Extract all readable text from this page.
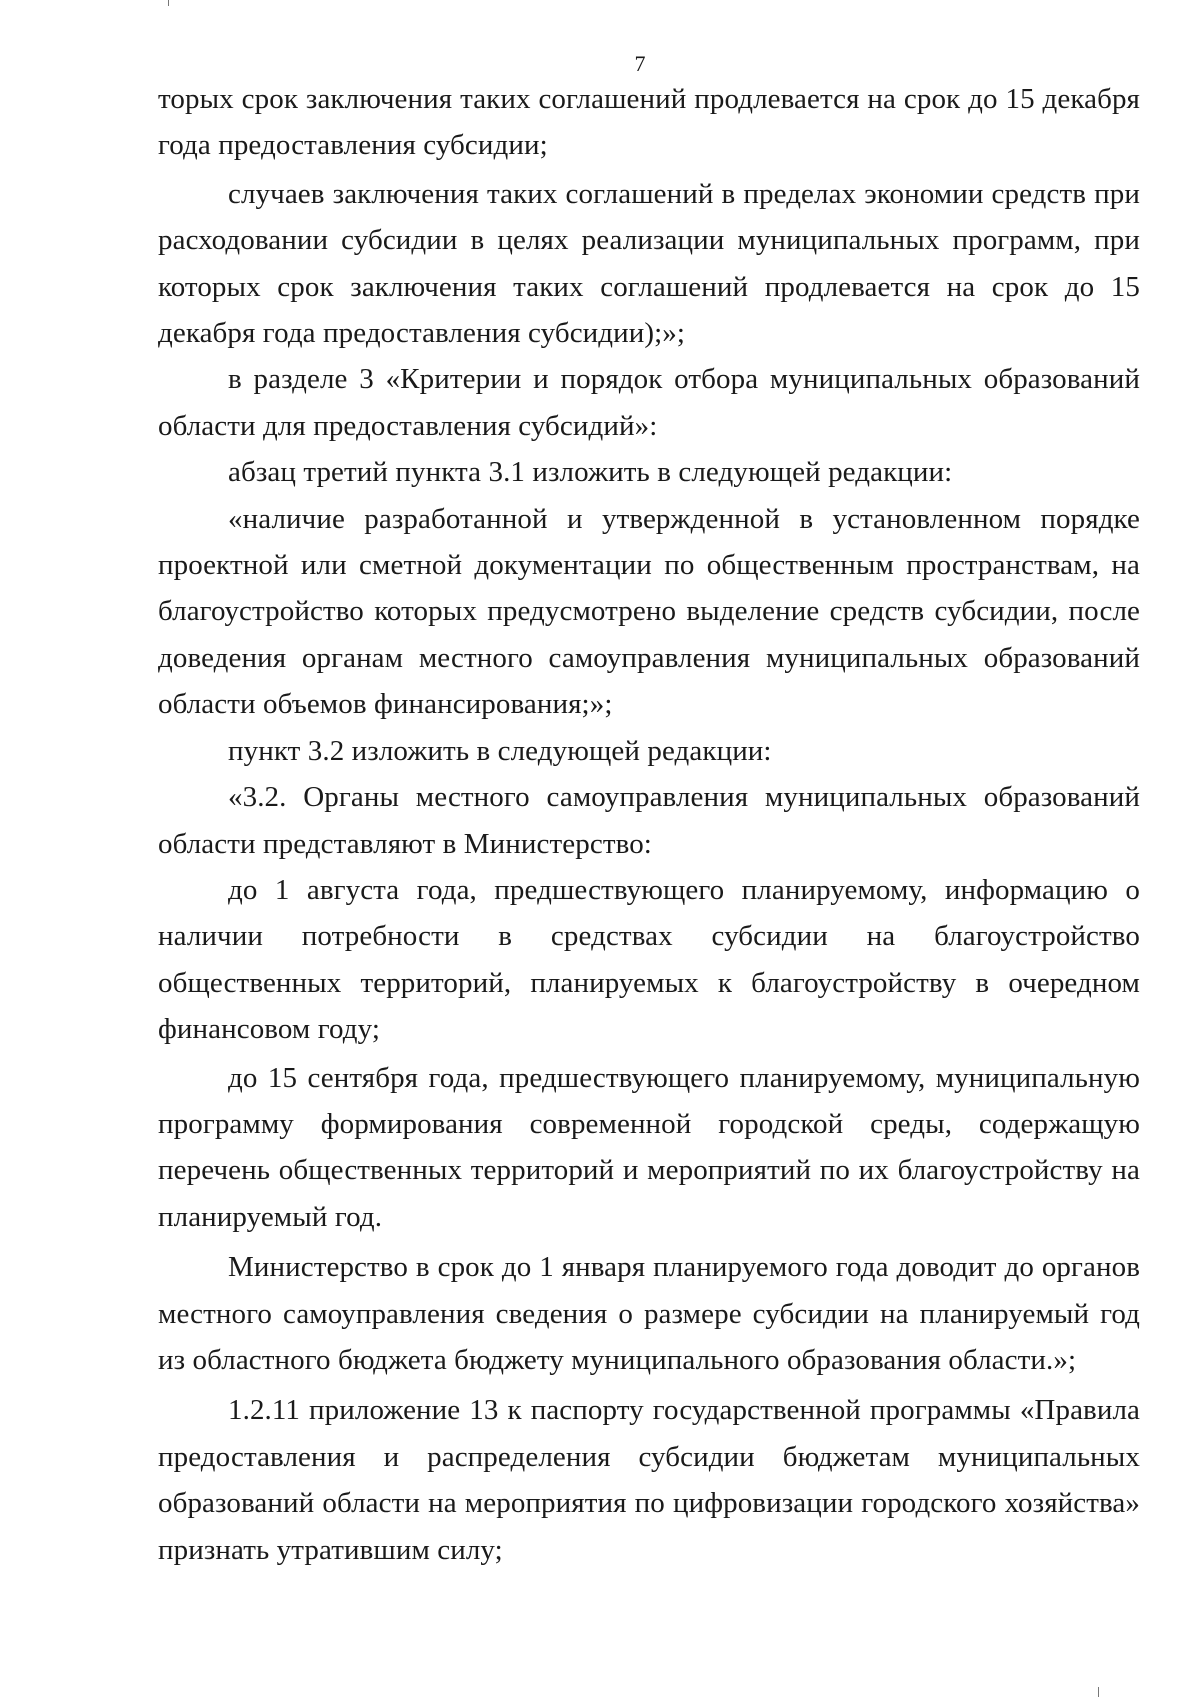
7

торых срок заключения таких соглашений продлевается на срок до 15 декабря года предоставления субсидии;

случаев заключения таких соглашений в пределах экономии средств при расходовании субсидии в целях реализации муниципальных программ, при которых срок заключения таких соглашений продлевается на срок до 15 декабря года предоставления субсидии);»;

в разделе 3 «Критерии и порядок отбора муниципальных образований области для предоставления субсидий»:

абзац третий пункта 3.1 изложить в следующей редакции:

«наличие разработанной и утвержденной в установленном порядке проектной или сметной документации по общественным пространствам, на благоустройство которых предусмотрено выделение средств субсидии, после доведения органам местного самоуправления муниципальных образований области объемов финансирования;»;

пункт 3.2 изложить в следующей редакции:

«3.2. Органы местного самоуправления муниципальных образований области представляют в Министерство:

до 1 августа года, предшествующего планируемому, информацию о наличии потребности в средствах субсидии на благоустройство общественных территорий, планируемых к благоустройству в очередном финансовом году;

до 15 сентября года, предшествующего планируемому, муниципальную программу формирования современной городской среды, содержащую перечень общественных территорий и мероприятий по их благоустройству на планируемый год.

Министерство в срок до 1 января планируемого года доводит до органов местного самоуправления сведения о размере субсидии на планируемый год из областного бюджета бюджету муниципального образования области.»;

1.2.11 приложение 13 к паспорту государственной программы «Правила предоставления и распределения субсидии бюджетам муниципальных образований области на мероприятия по цифровизации городского хозяйства» признать утратившим силу;
